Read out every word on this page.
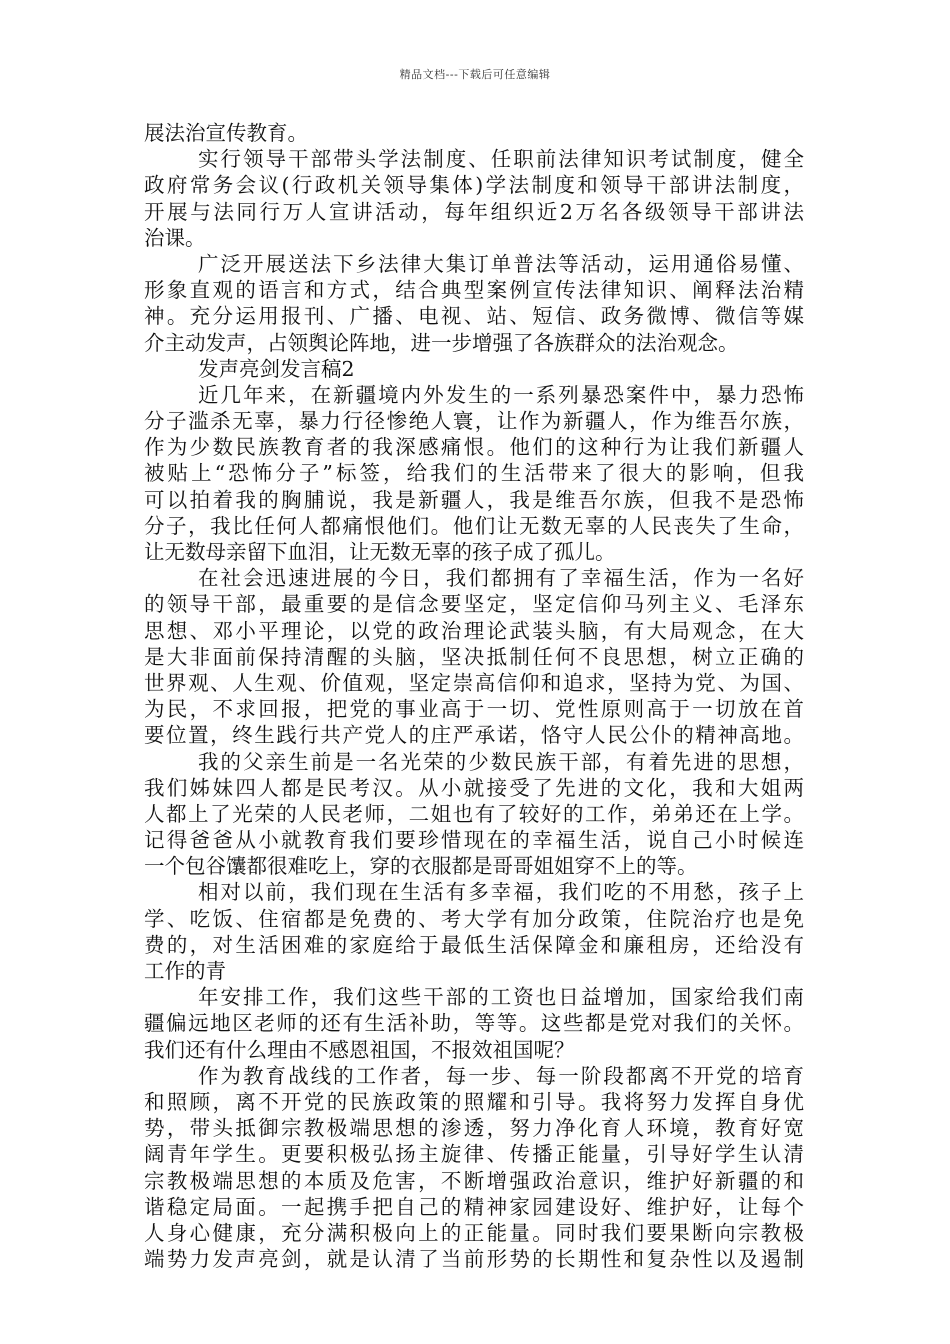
精品文档---下载后可任意编辑
展法治宣传教育。
实行领导干部带头学法制度、任职前法律知识考试制度，健全
政府常务会议(行政机关领导集体)学法制度和领导干部讲法制度，
开展与法同行万人宣讲活动，每年组织近2万名各级领导干部讲法
治课。
广泛开展送法下乡法律大集订单普法等活动，运用通俗易懂、
形象直观的语言和方式，结合典型案例宣传法律知识、阐释法治精
神。充分运用报刊、广播、电视、站、短信、政务微博、微信等媒
介主动发声，占领舆论阵地，进一步增强了各族群众的法治观念。
发声亮剑发言稿2
近几年来，在新疆境内外发生的一系列暴恐案件中，暴力恐怖
分子滥杀无辜，暴力行径惨绝人寰，让作为新疆人，作为维吾尔族，
作为少数民族教育者的我深感痛恨。他们的这种行为让我们新疆人
被贴上“恐怖分子”标签，给我们的生活带来了很大的影响，但我
可以拍着我的胸脯说，我是新疆人，我是维吾尔族，但我不是恐怖
分子，我比任何人都痛恨他们。他们让无数无辜的人民丧失了生命，
让无数母亲留下血泪，让无数无辜的孩子成了孤儿。
在社会迅速进展的今日，我们都拥有了幸福生活，作为一名好
的领导干部，最重要的是信念要坚定，坚定信仰马列主义、毛泽东
思想、邓小平理论，以党的政治理论武装头脑，有大局观念，在大
是大非面前保持清醒的头脑，坚决抵制任何不良思想，树立正确的
世界观、人生观、价值观，坚定崇高信仰和追求，坚持为党、为国、
为民，不求回报，把党的事业高于一切、党性原则高于一切放在首
要位置，终生践行共产党人的庄严承诺，恪守人民公仆的精神高地。
我的父亲生前是一名光荣的少数民族干部，有着先进的思想，
我们姊妹四人都是民考汉。从小就接受了先进的文化，我和大姐两
人都上了光荣的人民老师，二姐也有了较好的工作，弟弟还在上学。
记得爸爸从小就教育我们要珍惜现在的幸福生活，说自己小时候连
一个包谷馕都很难吃上，穿的衣服都是哥哥姐姐穿不上的等。
相对以前，我们现在生活有多幸福，我们吃的不用愁，孩子上
学、吃饭、住宿都是免费的、考大学有加分政策，住院治疗也是免
费的，对生活困难的家庭给于最低生活保障金和廉租房，还给没有
工作的青
年安排工作，我们这些干部的工资也日益增加，国家给我们南
疆偏远地区老师的还有生活补助，等等。这些都是党对我们的关怀。
我们还有什么理由不感恩祖国，不报效祖国呢？
作为教育战线的工作者，每一步、每一阶段都离不开党的培育
和照顾，离不开党的民族政策的照耀和引导。我将努力发挥自身优
势，带头抵御宗教极端思想的渗透，努力净化育人环境，教育好宽
阔青年学生。更要积极弘扬主旋律、传播正能量，引导好学生认清
宗教极端思想的本质及危害，不断增强政治意识，维护好新疆的和
谐稳定局面。一起携手把自己的精神家园建设好、维护好，让每个
人身心健康，充分满积极向上的正能量。同时我们要果断向宗教极
端势力发声亮剑，就是认清了当前形势的长期性和复杂性以及遏制
